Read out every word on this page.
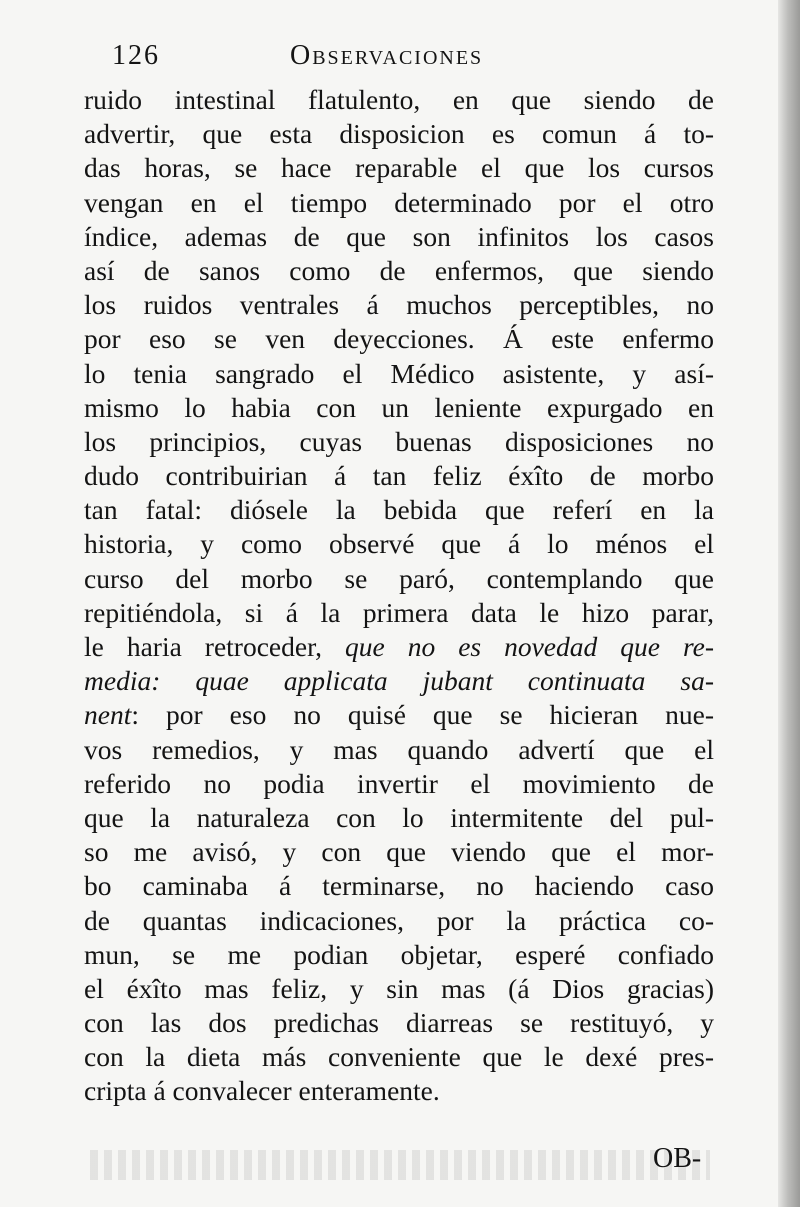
126	Observaciones
ruido intestinal flatulento, en que siendo de
advertir, que esta disposicion es comun á to-
das horas, se hace reparable el que los cursos
vengan en el tiempo determinado por el otro
índice, ademas de que son infinitos los casos
así de sanos como de enfermos, que siendo
los ruidos ventrales á muchos perceptibles, no
por eso se ven deyecciones. Á este enfermo
lo tenia sangrado el Médico asistente, y así-
mismo lo habia con un leniente expurgado en
los principios, cuyas buenas disposiciones no
dudo contribuirian á tan feliz éxîto de morbo
tan fatal: diósele la bebida que referí en la
historia, y como observé que á lo ménos el
curso del morbo se paró, contemplando que
repitiéndola, si á la primera data le hizo parar,
le haria retroceder, que no es novedad que re-
media: quae applicata jubant continuata sa-
nent: por eso no quisé que se hicieran nue-
vos remedios, y mas quando advertí que el
referido no podia invertir el movimiento de
que la naturaleza con lo intermitente del pul-
so me avisó, y con que viendo que el mor-
bo caminaba á terminarse, no haciendo caso
de quantas indicaciones, por la práctica co-
mun, se me podian objetar, esperé confiado
el éxîto mas feliz, y sin mas (á Dios gracias)
con las dos predichas diarreas se restituyó, y
con la dieta más conveniente que le dexé pres-
cripta á convalecer enteramente.
OB-
